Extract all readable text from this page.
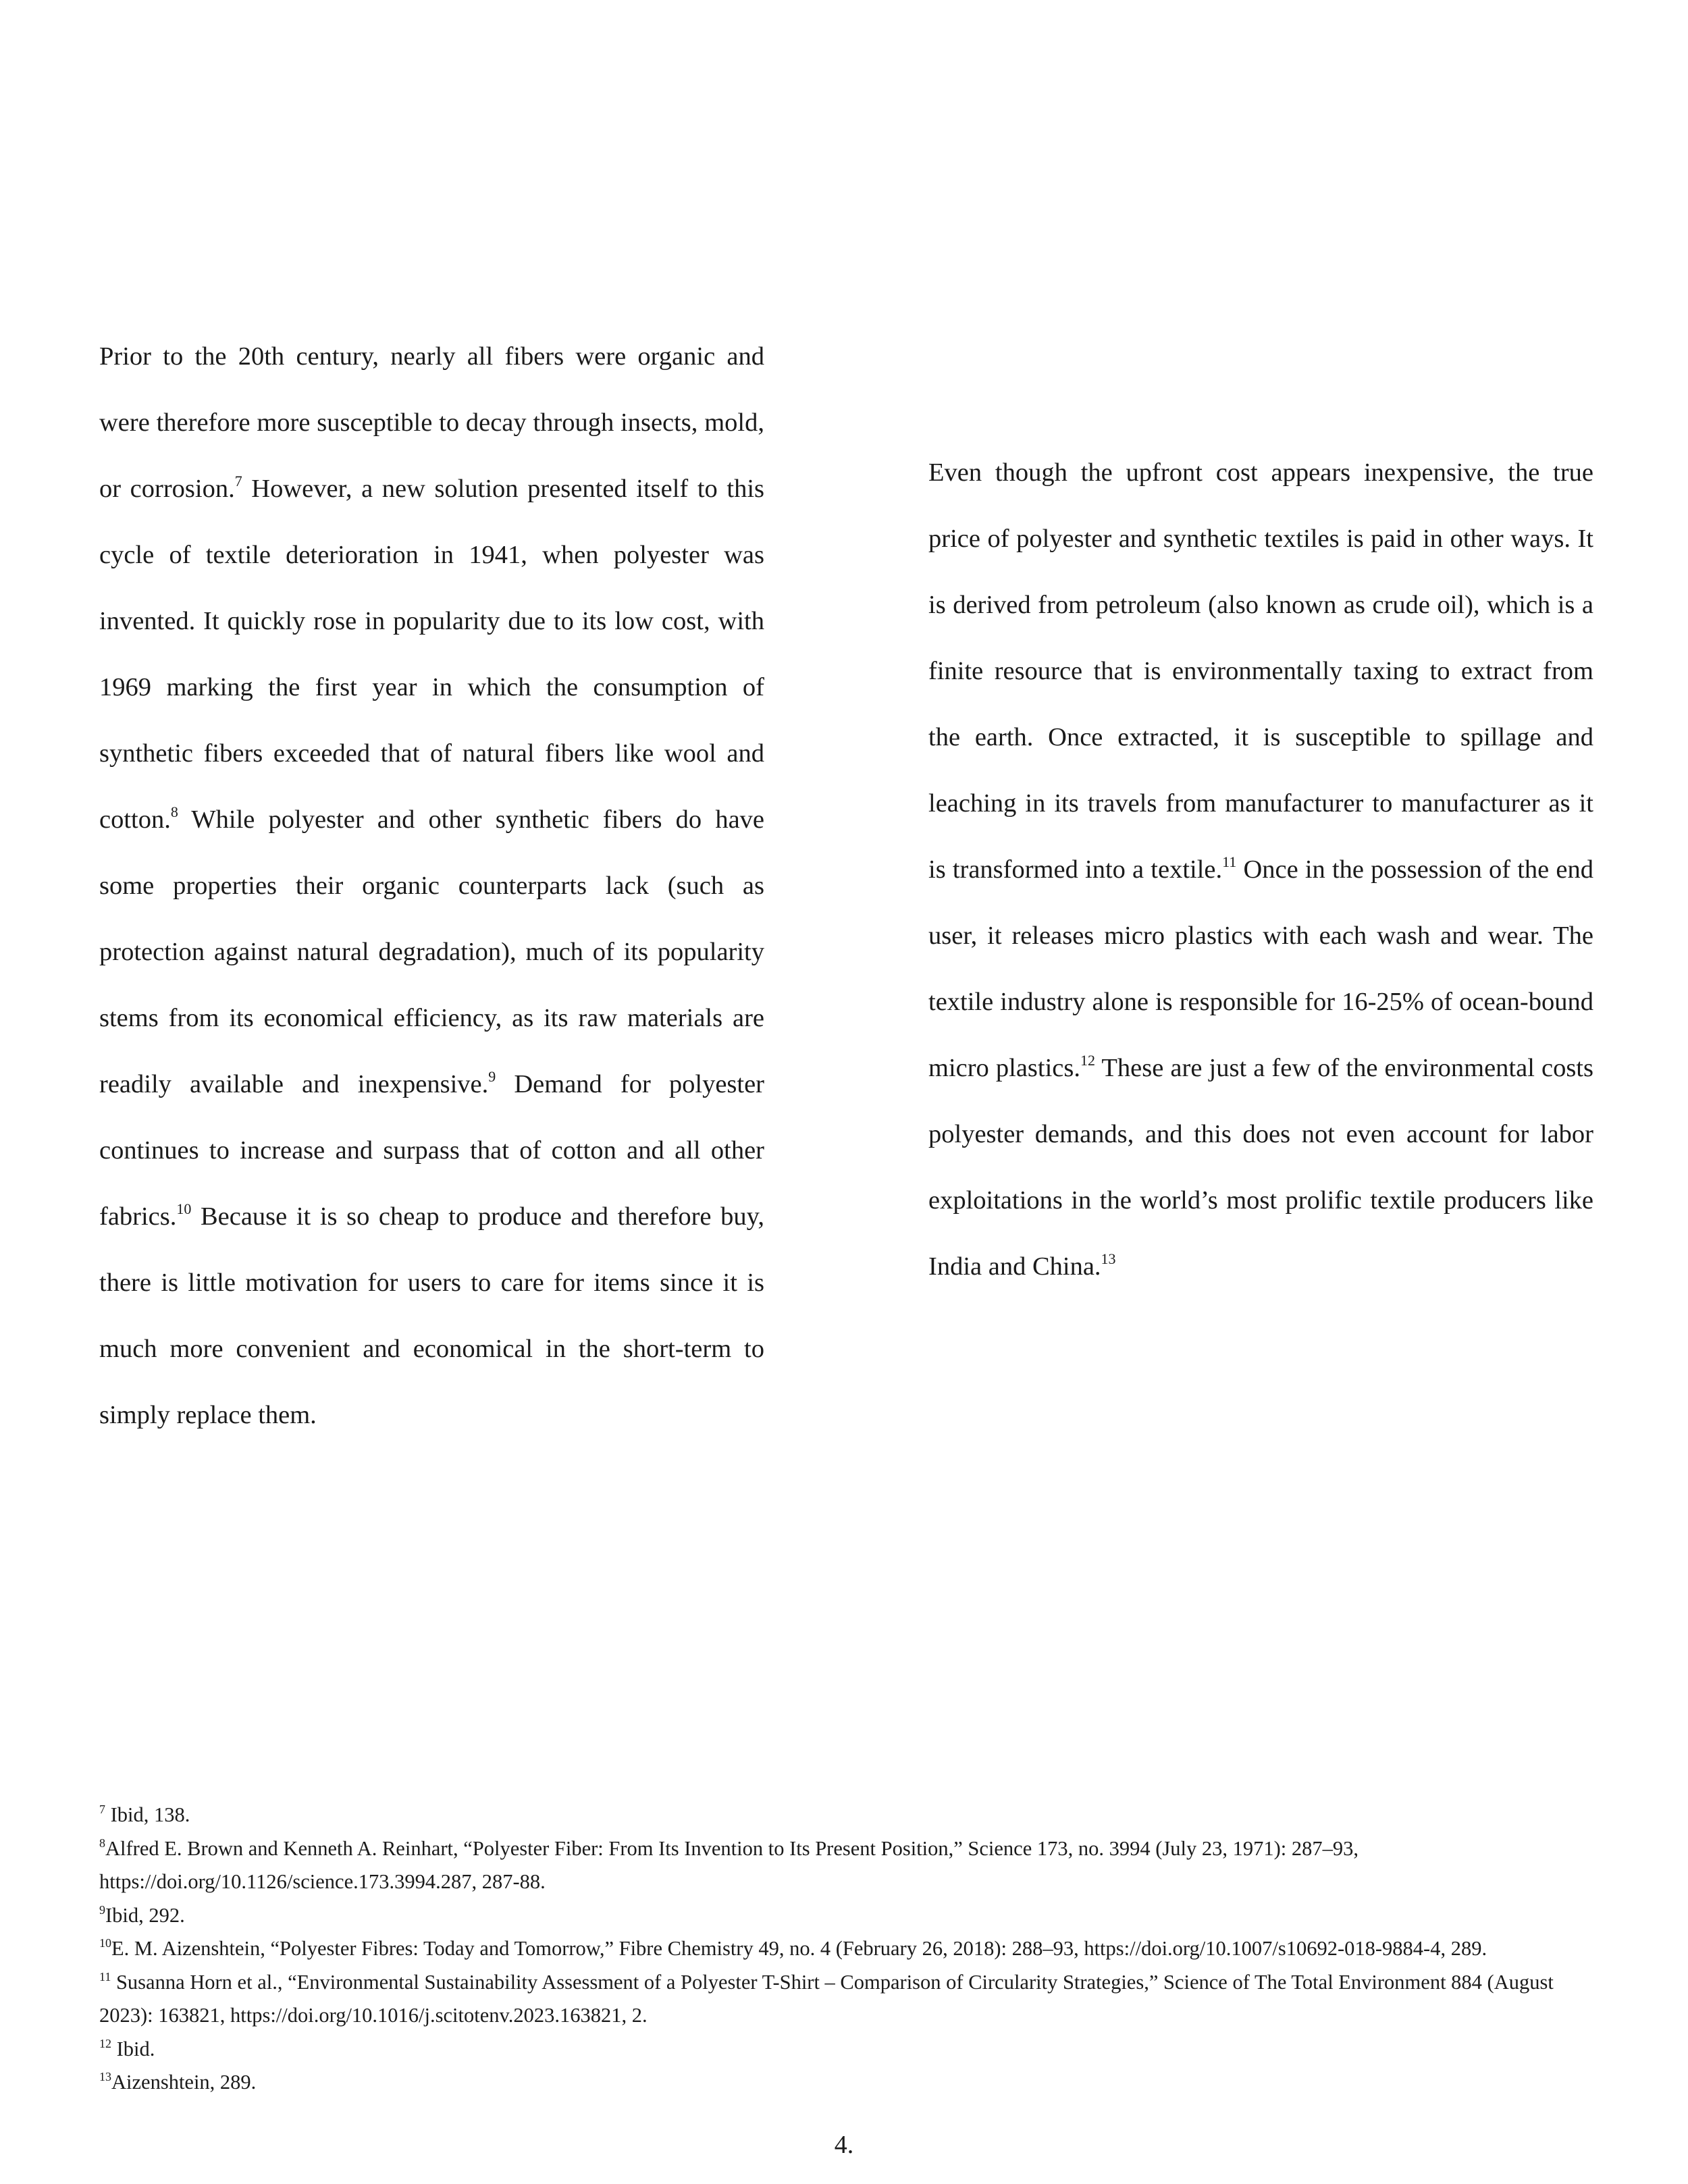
Prior to the 20th century, nearly all fibers were organic and were therefore more susceptible to decay through insects, mold, or corrosion.$^7$ However, a new solution presented itself to this cycle of textile deterioration in 1941, when polyester was invented. It quickly rose in popularity due to its low cost, with 1969 marking the first year in which the consumption of synthetic fibers exceeded that of natural fibers like wool and cotton.$^8$ While polyester and other synthetic fibers do have some properties their organic counterparts lack (such as protection against natural degradation), much of its popularity stems from its economical efficiency, as its raw materials are readily available and inexpensive.$^9$ Demand for polyester continues to increase and surpass that of cotton and all other fabrics.$^{10}$ Because it is so cheap to produce and therefore buy, there is little motivation for users to care for items since it is much more convenient and economical in the short-term to simply replace them.

Even though the upfront cost appears inexpensive, the true price of polyester and synthetic textiles is paid in other ways. It is derived from petroleum (also known as crude oil), which is a finite resource that is environmentally taxing to extract from the earth. Once extracted, it is susceptible to spillage and leaching in its travels from manufacturer to manufacturer as it is transformed into a textile.$^{11}$ Once in the possession of the end user, it releases micro plastics with each wash and wear. The textile industry alone is responsible for 16-25% of ocean-bound micro plastics.$^{12}$ These are just a few of the environmental costs polyester demands, and this does not even account for labor exploitations in the world’s most prolific textile producers like India and China.$^{13}$

$^7$ Ibid, 138.

$^8$Alfred E. Brown and Kenneth A. Reinhart, “Polyester Fiber: From Its Invention to Its Present Position,” Science 173, no. 3994 (July 23, 1971): 287–93, https://doi.org/10.1126/science.173.3994.287, 287-88.

$^9$Ibid, 292.

$^{10}$E. M. Aizenshtein, “Polyester Fibres: Today and Tomorrow,” Fibre Chemistry 49, no. 4 (February 26, 2018): 288–93, https://doi.org/10.1007/s10692-018-9884-4, 289.

$^{11}$ Susanna Horn et al., “Environmental Sustainability Assessment of a Polyester T-Shirt – Comparison of Circularity Strategies,” Science of The Total Environment 884 (August 2023): 163821, https://doi.org/10.1016/j.scitotenv.2023.163821, 2.

$^{12}$ Ibid.

$^{13}$Aizenshtein, 289.

4.
